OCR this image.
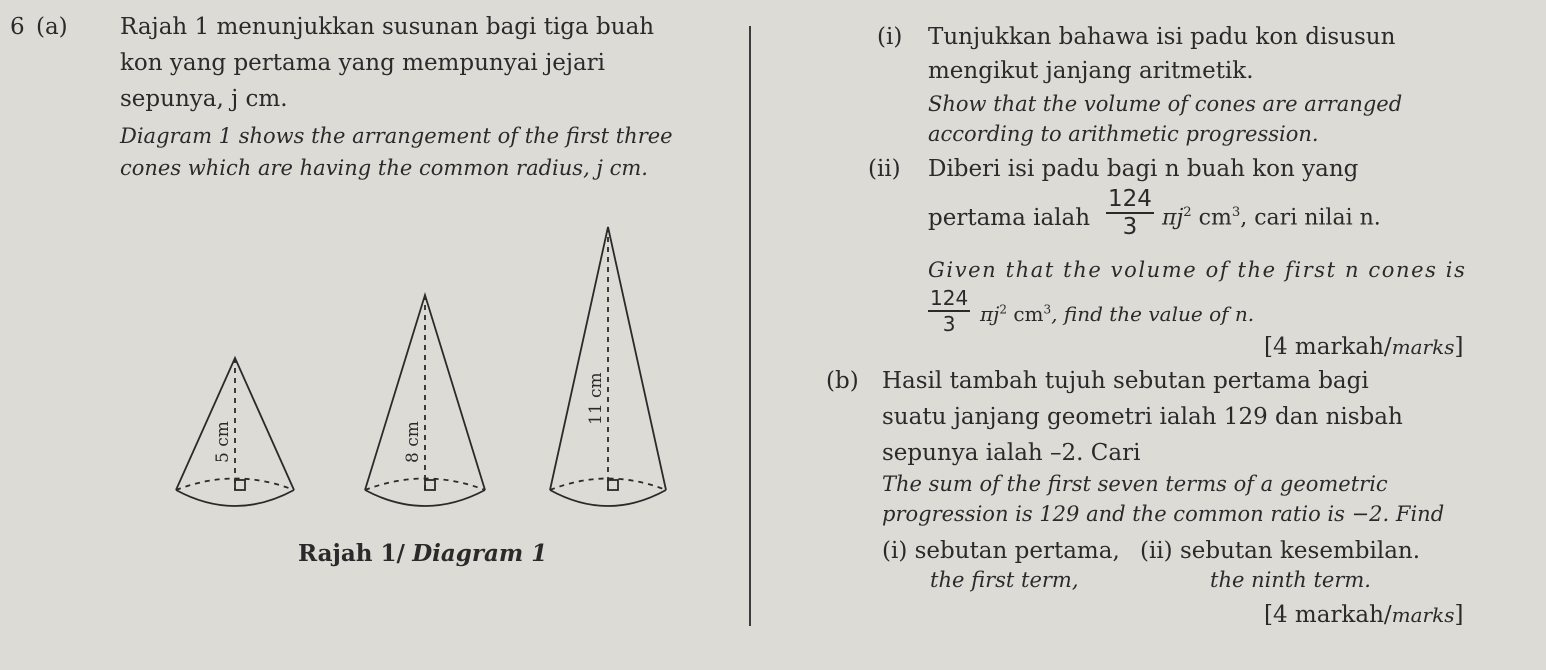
6 (a) Rajah 1 menunjukkan susunan bagi tiga buah
kon yang pertama yang mempunyai jejari
sepunya, j cm.
Diagram 1 shows the arrangement of the first three
cones which are having the common radius, j cm.
5 cm	8 cm
11 cm
Rajah 1/ Diagram 1
(i) Tunjukkan bahawa isi padu kon disusun
mengikut janjang aritmetik.
Show that the volume of cones are arranged
according to arithmetic progression.
(ii) Diberi isi padu bagi n buah kon yang
pertama ialah $\frac{124}{3} \pi j^2$ $cm^3$, cari nilai n.
Given that the volume of the first n cones is
$\frac{124}{3} \pi j^2$ $cm^3$, find the value of n.
[4 markah/marks]
(b) Hasil tambah tujuh sebutan pertama bagi
suatu janjang geometri ialah 129 dan nisbah
sepunya ialah –2. Cari
The sum of the first seven terms of a geometric
progression is 129 and the common ratio is −2. Find
(i) sebutan pertama, (ii) sebutan kesembilan.
the first term,	the ninth term.
[4 markah/marks]
